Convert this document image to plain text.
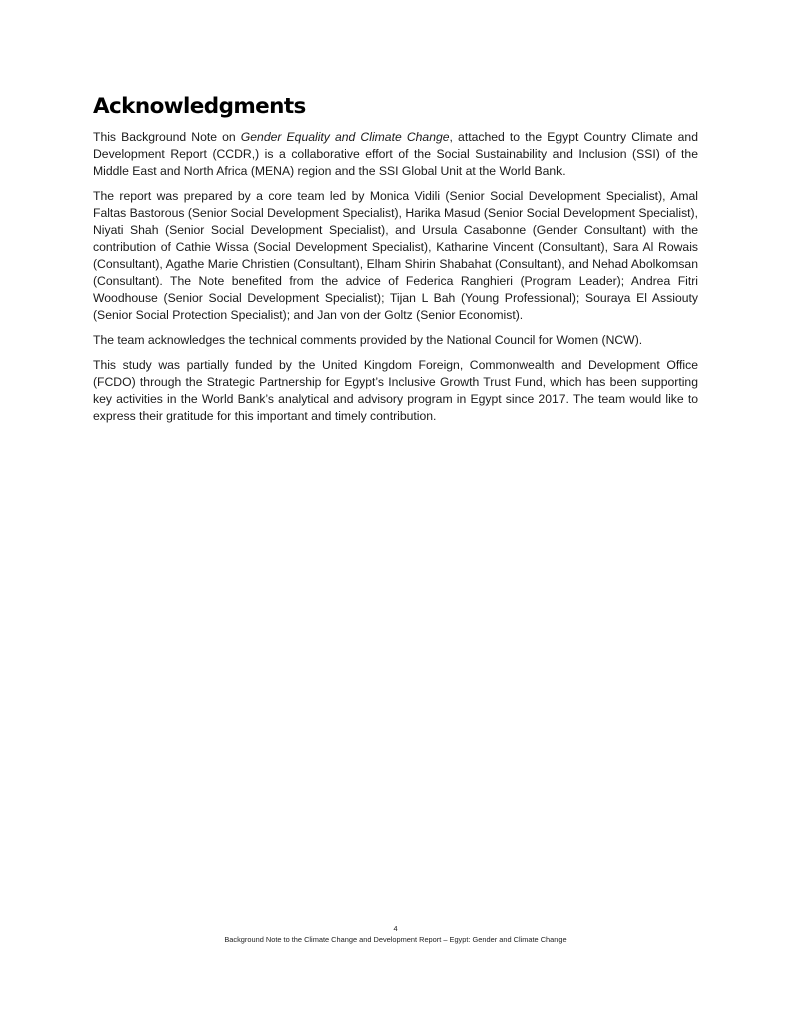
Acknowledgments

This Background Note on Gender Equality and Climate Change, attached to the Egypt Country Climate and Development Report (CCDR,) is a collaborative effort of the Social Sustainability and Inclusion (SSI) of the Middle East and North Africa (MENA) region and the SSI Global Unit at the World Bank.

The report was prepared by a core team led by Monica Vidili (Senior Social Development Specialist), Amal Faltas Bastorous (Senior Social Development Specialist), Harika Masud (Senior Social Development Specialist), Niyati Shah (Senior Social Development Specialist), and Ursula Casabonne (Gender Consultant) with the contribution of Cathie Wissa (Social Development Specialist), Katharine Vincent (Consultant), Sara Al Rowais (Consultant), Agathe Marie Christien (Consultant), Elham Shirin Shabahat (Consultant), and Nehad Abolkomsan (Consultant). The Note benefited from the advice of Federica Ranghieri (Program Leader); Andrea Fitri Woodhouse (Senior Social Development Specialist); Tijan L Bah (Young Professional); Souraya El Assiouty (Senior Social Protection Specialist); and Jan von der Goltz (Senior Economist).

The team acknowledges the technical comments provided by the National Council for Women (NCW).

This study was partially funded by the United Kingdom Foreign, Commonwealth and Development Office (FCDO) through the Strategic Partnership for Egypt’s Inclusive Growth Trust Fund, which has been supporting key activities in the World Bank’s analytical and advisory program in Egypt since 2017. The team would like to express their gratitude for this important and timely contribution.

4
Background Note to the Climate Change and Development Report – Egypt: Gender and Climate Change
